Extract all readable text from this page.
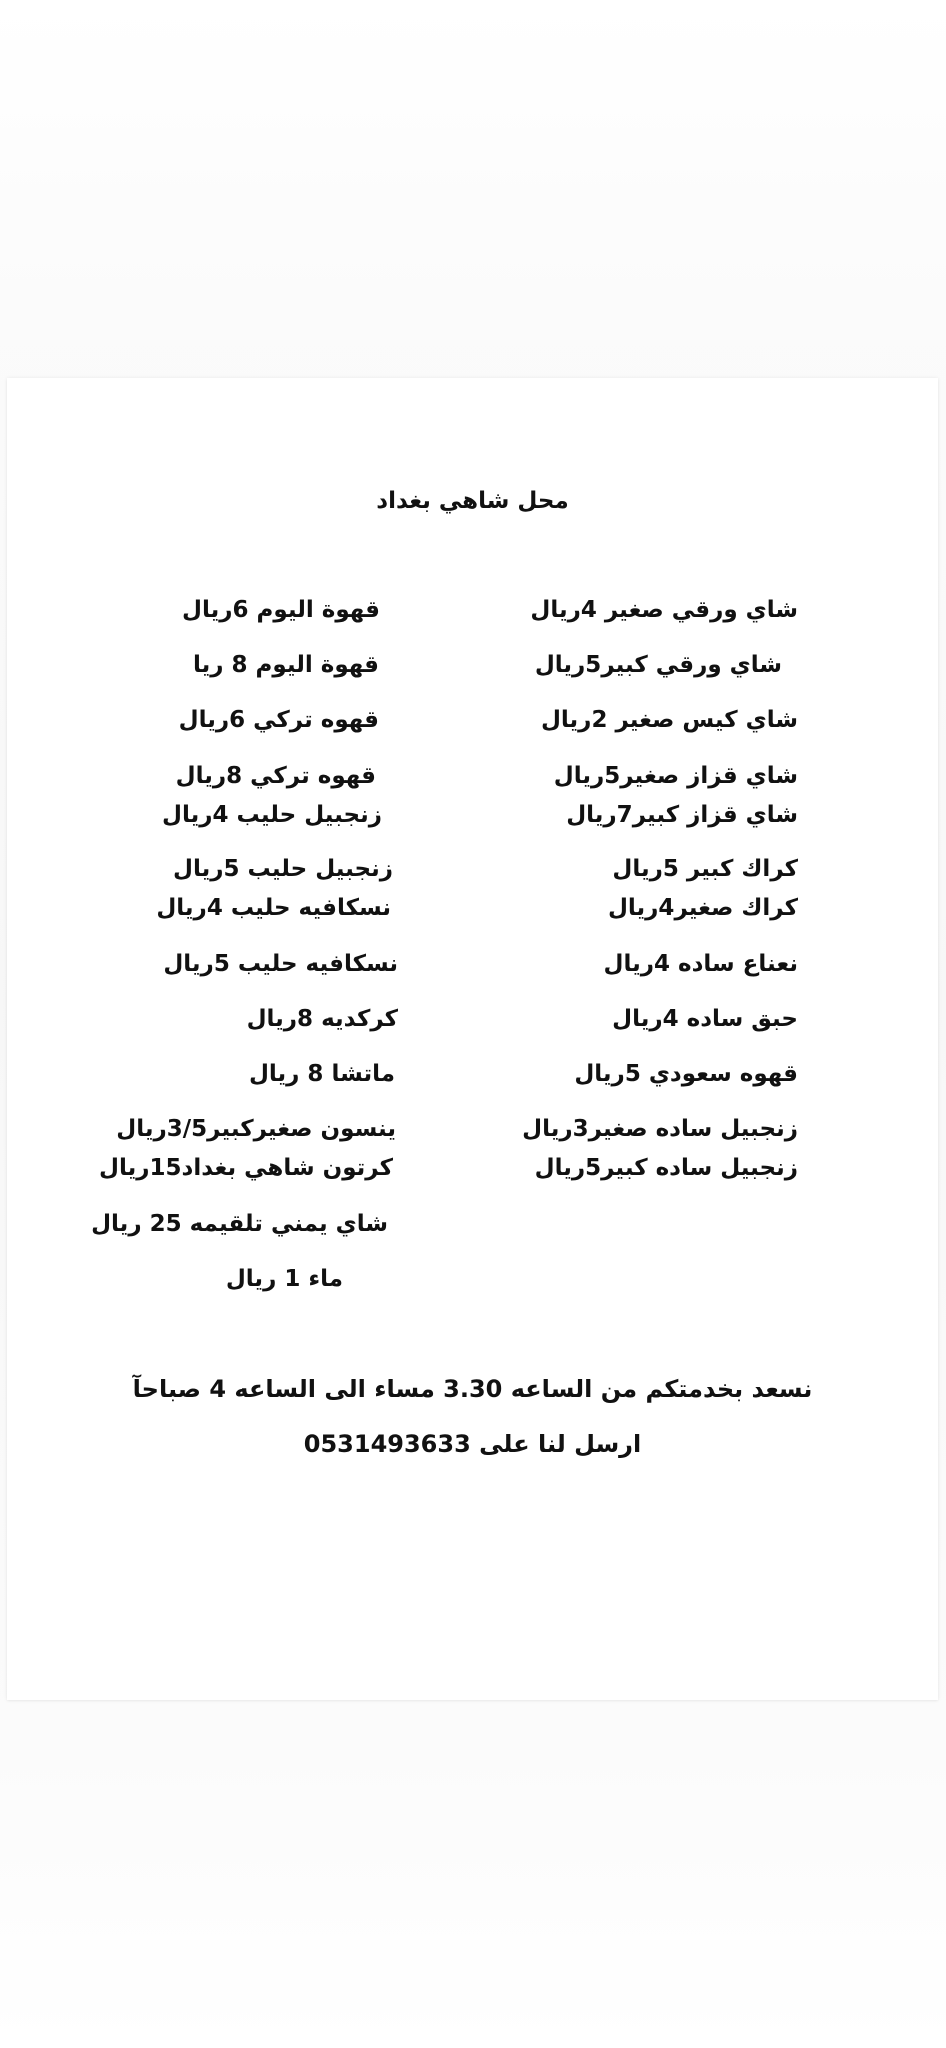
محل شاهي بغداد
شاي ورقي صغير 4ريال
شاي ورقي كبير5ريال
شاي كيس صغير 2ريال
شاي قزاز صغير5ريال
شاي قزاز كبير7ريال
كراك كبير 5ريال
كراك صغير4ريال
نعناع ساده 4ريال
حبق ساده 4ريال
قهوه سعودي 5ريال
زنجبيل ساده صغير3ريال
زنجبيل ساده كبير5ريال
قهوة اليوم 6ريال
قهوة اليوم 8 ريا
قهوه تركي 6ريال
قهوه تركي 8ريال
زنجبيل حليب 4ريال
زنجبيل حليب 5ريال
نسكافيه حليب 4ريال
نسكافيه حليب 5ريال
كركديه 8ريال
ماتشا 8 ريال
ينسون صغيركبير3/5ريال
كرتون شاهي بغداد15ريال
شاي يمني تلقيمه 25 ريال
ماء 1 ريال
نسعد بخدمتكم من الساعه 3.30 مساء الى الساعه 4 صباحآ
ارسل لنا على 0531493633
